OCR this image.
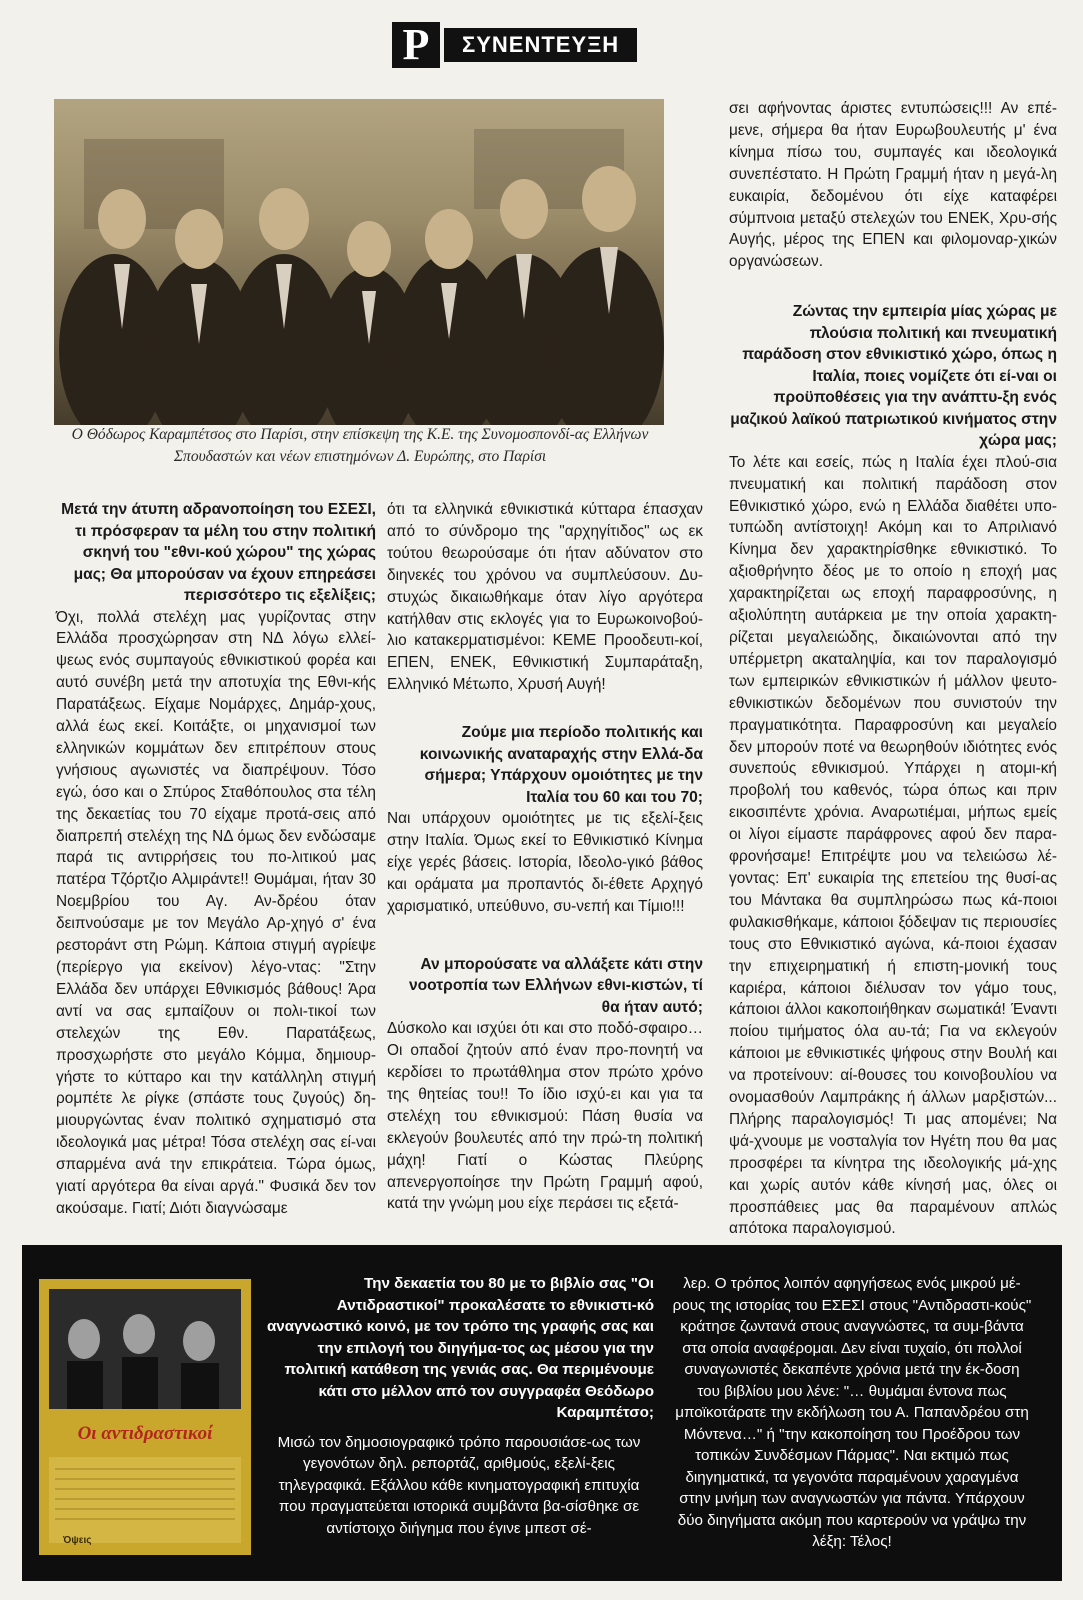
P	ΣΥΝΕΝΤΕΥΞΗ
Ο Θόδωρος Καραμπέτσος στο Παρίσι, στην επίσκεψη της Κ.Ε. της Συνομοσπονδί-ας Ελλήνων Σπουδαστών και νέων επιστημόνων Δ. Ευρώπης, στο Παρίσι

Μετά την άτυπη αδρανοποίηση του ΕΣΕΣΙ, τι πρόσφεραν τα μέλη του στην πολιτική σκηνή του "εθνι-κού χώρου" της χώρας μας; Θα μπορούσαν να έχουν επηρεάσει περισσότερο τις εξελίξεις;

Όχι, πολλά στελέχη μας γυρίζοντας στην Ελλάδα προσχώρησαν στη ΝΔ λόγω ελλεί-ψεως ενός συμπαγούς εθνικιστικού φορέα και αυτό συνέβη μετά την αποτυχία της Εθνι-κής Παρατάξεως. Είχαμε Νομάρχες, Δημάρ-χους, αλλά έως εκεί. Κοιτάξτε, οι μηχανισμοί των ελληνικών κομμάτων δεν επιτρέπουν στους γνήσιους αγωνιστές να διαπρέψουν. Τόσο εγώ, όσο και ο Σπύρος Σταθόπουλος στα τέλη της δεκαετίας του 70 είχαμε προτά-σεις από διαπρεπή στελέχη της ΝΔ όμως δεν ενδώσαμε παρά τις αντιρρήσεις του πο-λιτικού μας πατέρα Τζόρτζιο Αλμιράντε!! Θυμάμαι, ήταν 30 Νοεμβρίου του Αγ. Αν-δρέου όταν δειπνούσαμε με τον Μεγάλο Αρ-χηγό σ' ένα ρεστοράντ στη Ρώμη. Κάποια στιγμή αγρίεψε (περίεργο για εκείνον) λέγο-ντας: "Στην Ελλάδα δεν υπάρχει Εθνικισμός βάθους! Άρα αντί να σας εμπαίζουν οι πολι-τικοί των στελεχών της Εθν. Παρατάξεως, προσχωρήστε στο μεγάλο Κόμμα, δημιουρ-γήστε το κύτταρο και την κατάλληλη στιγμή ρομπέτε λε ρίγκε (σπάστε τους ζυγούς) δη-μιουργώντας έναν πολιτικό σχηματισμό στα ιδεολογικά μας μέτρα! Τόσα στελέχη σας εί-ναι σπαρμένα ανά την επικράτεια. Τώρα όμως, γιατί αργότερα θα είναι αργά." Φυσικά δεν τον ακούσαμε. Γιατί; Διότι διαγνώσαμε

ότι τα ελληνικά εθνικιστικά κύτταρα έπασχαν από το σύνδρομο της "αρχηγίτιδος" ως εκ τούτου θεωρούσαμε ότι ήταν αδύνατον στο διηνεκές του χρόνου να συμπλεύσουν. Δυ-στυχώς δικαιωθήκαμε όταν λίγο αργότερα κατήλθαν στις εκλογές για το Ευρωκοινοβού-λιο κατακερματισμένοι: ΚΕΜΕ Προοδευτι-κοί, ΕΠΕΝ, ΕΝΕΚ, Εθνικιστική Συμπαράταξη, Ελληνικό Μέτωπο, Χρυσή Αυγή!

Ζούμε μια περίοδο πολιτικής και κοινωνικής αναταραχής στην Ελλά-δα σήμερα; Υπάρχουν ομοιότητες με την Ιταλία του 60 και του 70;

Ναι υπάρχουν ομοιότητες με τις εξελί-ξεις στην Ιταλία. Όμως εκεί το Εθνικιστικό Κίνημα είχε γερές βάσεις. Ιστορία, Ιδεολο-γικό βάθος και οράματα μα προπαντός δι-έθετε Αρχηγό χαρισματικό, υπεύθυνο, συ-νεπή και Τίμιο!!!

Αν μπορούσατε να αλλάξετε κάτι στην νοοτροπία των Ελλήνων εθνι-κιστών, τί θα ήταν αυτό;

Δύσκολο και ισχύει ότι και στο ποδό-σφαιρο… Οι οπαδοί ζητούν από έναν προ-πονητή να κερδίσει το πρωτάθλημα στον πρώτο χρόνο της θητείας του!! Το ίδιο ισχύ-ει και για τα στελέχη του εθνικισμού: Πάση θυσία να εκλεγούν βουλευτές από την πρώ-τη πολιτική μάχη! Γιατί ο Κώστας Πλεύρης απενεργοποίησε την Πρώτη Γραμμή αφού, κατά την γνώμη μου είχε περάσει τις εξετά-

σει αφήνοντας άριστες εντυπώσεις!!! Αν επέ-μενε, σήμερα θα ήταν Ευρωβουλευτής μ' ένα κίνημα πίσω του, συμπαγές και ιδεολογικά συνεπέστατο. Η Πρώτη Γραμμή ήταν η μεγά-λη ευκαιρία, δεδομένου ότι είχε καταφέρει σύμπνοια μεταξύ στελεχών του ΕΝΕΚ, Χρυ-σής Αυγής, μέρος της ΕΠΕΝ και φιλομοναρ-χικών οργανώσεων.

Ζώντας την εμπειρία μίας χώρας με πλούσια πολιτική και πνευματική παράδοση στον εθνικιστικό χώρο, όπως η Ιταλία, ποιες νομίζετε ότι εί-ναι οι προϋποθέσεις για την ανάπτυ-ξη ενός μαζικού λαϊκού πατριωτικού κινήματος στην χώρα μας;

Το λέτε και εσείς, πώς η Ιταλία έχει πλού-σια πνευματική και πολιτική παράδοση στον Εθνικιστικό χώρο, ενώ η Ελλάδα διαθέτει υπο-τυπώδη αντίστοιχη! Ακόμη και το Απριλιανό Κίνημα δεν χαρακτηρίσθηκε εθνικιστικό. Το αξιοθρήνητο δέος με το οποίο η εποχή μας χαρακτηρίζεται ως εποχή παραφροσύνης, η αξιολύπητη αυτάρκεια με την οποία χαρακτη-ρίζεται μεγαλειώδης, δικαιώνονται από την υπέρμετρη ακαταληψία, και τον παραλογισμό των εμπειρικών εθνικιστικών ή μάλλον ψευτο-εθνικιστικών δεδομένων που συνιστούν την πραγματικότητα. Παραφροσύνη και μεγαλείο δεν μπορούν ποτέ να θεωρηθούν ιδιότητες ενός συνεπούς εθνικισμού. Υπάρχει η ατομι-κή προβολή του καθενός, τώρα όπως και πριν εικοσιπέντε χρόνια. Αναρωτιέμαι, μήπως εμείς οι λίγοι είμαστε παράφρονες αφού δεν παρα-φρονήσαμε! Επιτρέψτε μου να τελειώσω λέ-γοντας: Επ' ευκαιρία της επετείου της θυσί-ας του Μάντακα θα συμπληρώσω πως κά-ποιοι φυλακισθήκαμε, κάποιοι ξόδεψαν τις περιουσίες τους στο Εθνικιστικό αγώνα, κά-ποιοι έχασαν την επιχειρηματική ή επιστη-μονική τους καριέρα, κάποιοι διέλυσαν τον γάμο τους, κάποιοι άλλοι κακοποιήθηκαν σωματικά! Έναντι ποίου τιμήματος όλα αυ-τά; Για να εκλεγούν κάποιοι με εθνικιστικές ψήφους στην Βουλή και να προτείνουν: αί-θουσες του κοινοβουλίου να ονομασθούν Λαμπράκης ή άλλων μαρξιστών... Πλήρης παραλογισμός! Τι μας απομένει; Να ψά-χνουμε με νοσταλγία τον Ηγέτη που θα μας προσφέρει τα κίνητρα της ιδεολογικής μά-χης και χωρίς αυτόν κάθε κίνησή μας, όλες οι προσπάθειες μας θα παραμένουν απλώς απότοκα παραλογισμού.

Οι αντιδραστικοί
Όψεις

Την δεκαετία του 80 με το βιβλίο σας "Οι Αντιδραστικοί" προκαλέσατε το εθνικιστι-κό αναγνωστικό κοινό, με τον τρόπο της γραφής σας και την επιλογή του διηγήμα-τος ως μέσου για την πολιτική κατάθεση της γενιάς σας. Θα περιμένουμε κάτι στο μέλλον από τον συγγραφέα Θεόδωρο Καραμπέτσο;

Μισώ τον δημοσιογραφικό τρόπο παρουσιάσε-ως των γεγονότων δηλ. ρεπορτάζ, αριθμούς, εξελί-ξεις τηλεγραφικά. Εξάλλου κάθε κινηματογραφική επιτυχία που πραγματεύεται ιστορικά συμβάντα βα-σίσθηκε σε αντίστοιχο διήγημα που έγινε μπεστ σέ-

λερ. Ο τρόπος λοιπόν αφηγήσεως ενός μικρού μέ-ρους της ιστορίας του ΕΣΕΣΙ στους "Αντιδραστι-κούς" κράτησε ζωντανά στους αναγνώστες, τα συμ-βάντα στα οποία αναφέρομαι. Δεν είναι τυχαίο, ότι πολλοί συναγωνιστές δεκαπέντε χρόνια μετά την έκ-δοση του βιβλίου μου λένε: "… θυμάμαι έντονα πως μποϊκοτάρατε την εκδήλωση του Α. Παπανδρέου στη Μόντενα…" ή "την κακοποίηση του Προέδρου των τοπικών Συνδέσμων Πάρμας". Ναι εκτιμώ πως διηγηματικά, τα γεγονότα παραμένουν χαραγμένα στην μνήμη των αναγνωστών για πάντα. Υπάρχουν δύο διηγήματα ακόμη που καρτερούν να γράψω την λέξη: Τέλος!
